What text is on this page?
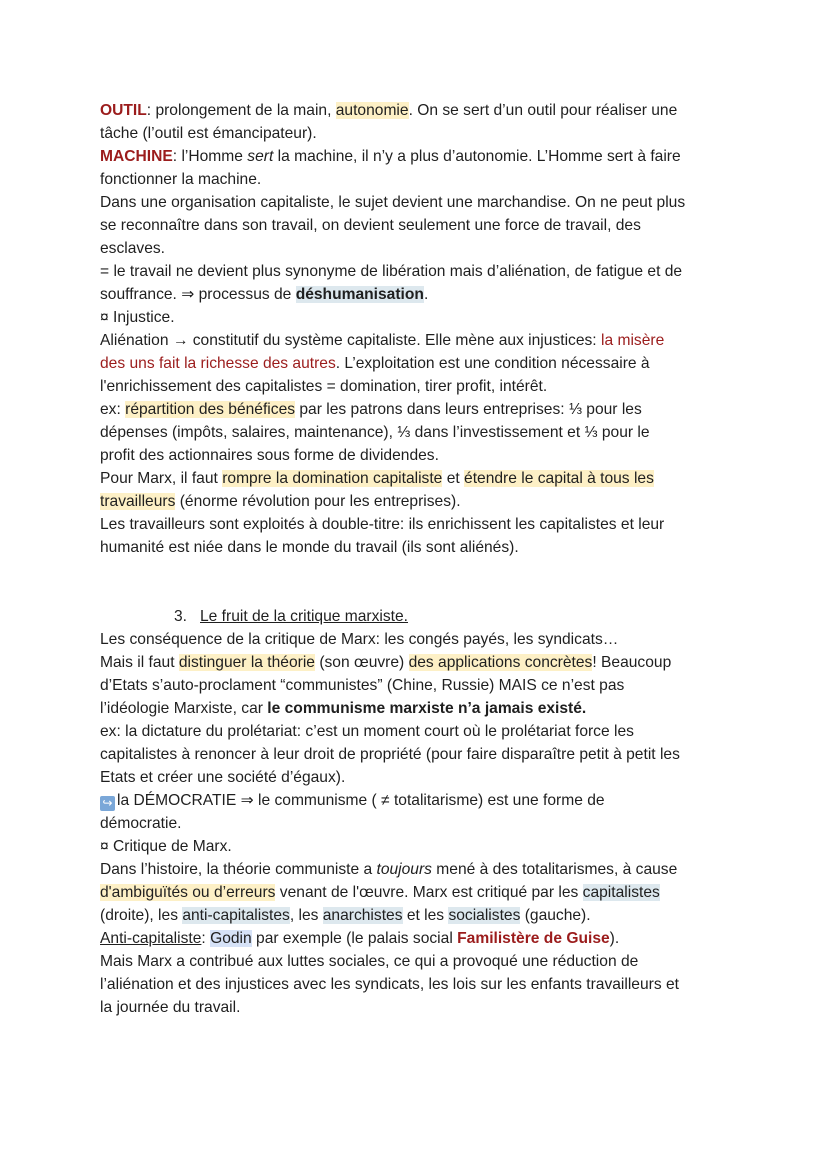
OUTIL: prolongement de la main, autonomie. On se sert d’un outil pour réaliser une
tâche (l’outil est émancipateur).
MACHINE: l’Homme sert la machine, il n’y a plus d’autonomie. L’Homme sert à faire
fonctionner la machine.
Dans une organisation capitaliste, le sujet devient une marchandise. On ne peut plus
se reconnaître dans son travail, on devient seulement une force de travail, des
esclaves.
= le travail ne devient plus synonyme de libération mais d’aliénation, de fatigue et de
souffrance. ⇒ processus de déshumanisation.
¤ Injustice.
Aliénation → constitutif du système capitaliste. Elle mène aux injustices: la misère
des uns fait la richesse des autres. L’exploitation est une condition nécessaire à
l'enrichissement des capitalistes = domination, tirer profit, intérêt.
ex: répartition des bénéfices par les patrons dans leurs entreprises: ⅓ pour les
dépenses (impôts, salaires, maintenance), ⅓ dans l’investissement et ⅓ pour le
profit des actionnaires sous forme de dividendes.
Pour Marx, il faut rompre la domination capitaliste et étendre le capital à tous les
travailleurs (énorme révolution pour les entreprises).
Les travailleurs sont exploités à double-titre: ils enrichissent les capitalistes et leur
humanité est niée dans le monde du travail (ils sont aliénés).
3. Le fruit de la critique marxiste.
Les conséquence de la critique de Marx: les congés payés, les syndicats…
Mais il faut distinguer la théorie (son œuvre) des applications concrètes! Beaucoup
d’Etats s’auto-proclament “communistes” (Chine, Russie) MAIS ce n’est pas
l’idéologie Marxiste, car le communisme marxiste n’a jamais existé.
ex: la dictature du prolétariat: c’est un moment court où le prolétariat force les
capitalistes à renoncer à leur droit de propriété (pour faire disparaître petit à petit les
Etats et créer une société d’égaux).
↪ la DÉMOCRATIE ⇒ le communisme ( ≠ totalitarisme) est une forme de
démocratie.
¤ Critique de Marx.
Dans l’histoire, la théorie communiste a toujours mené à des totalitarismes, à cause
d'ambiguïtés ou d’erreurs venant de l'œuvre. Marx est critiqué par les capitalistes
(droite), les anti-capitalistes, les anarchistes et les socialistes (gauche).
Anti-capitaliste: Godin par exemple (le palais social Familistère de Guise).
Mais Marx a contribué aux luttes sociales, ce qui a provoqué une réduction de
l’aliénation et des injustices avec les syndicats, les lois sur les enfants travailleurs et
la journée du travail.
